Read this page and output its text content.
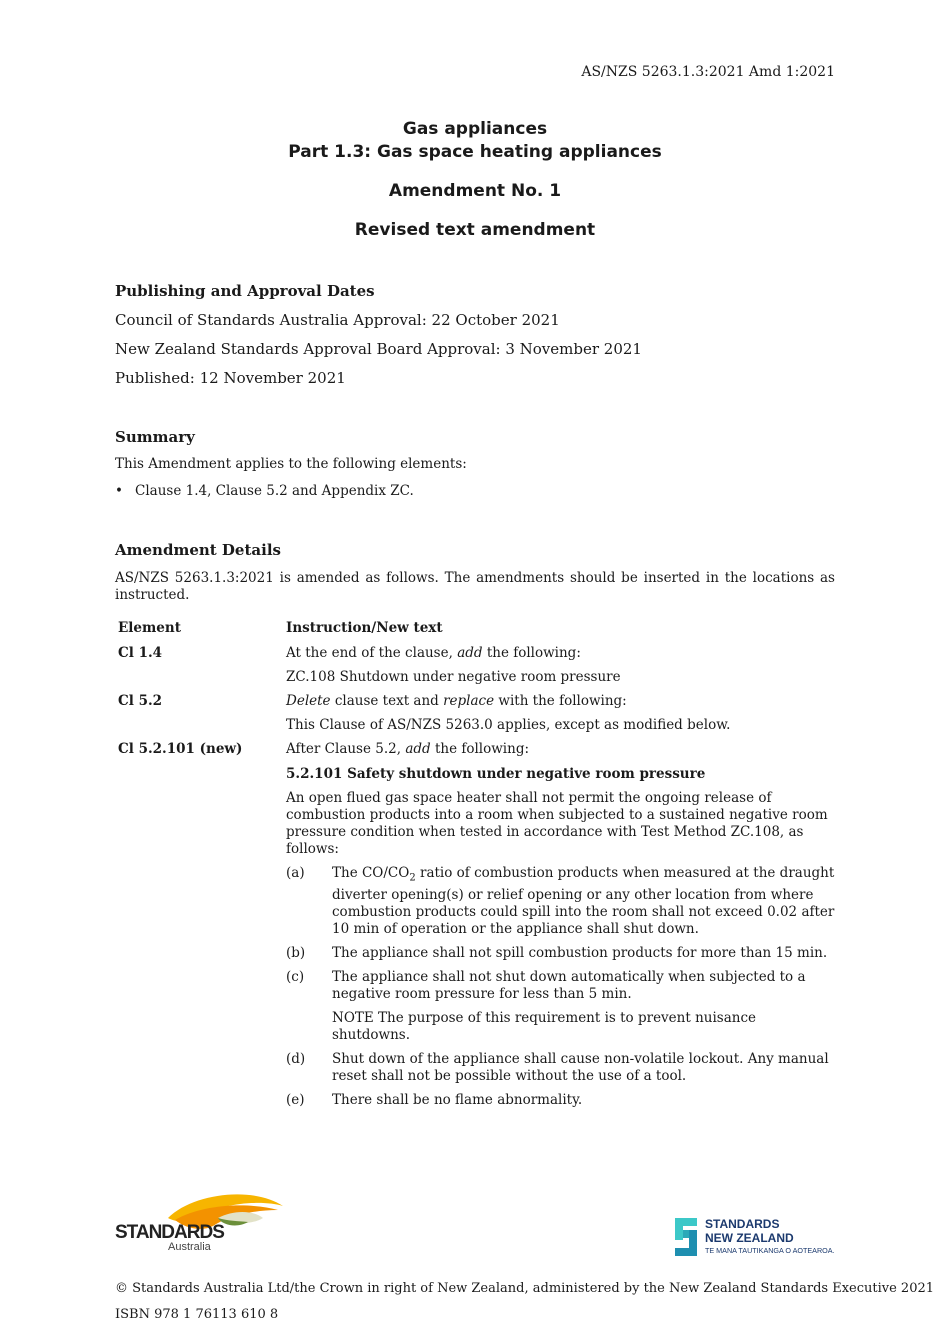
AS/NZS 5263.1.3:2021 Amd 1:2021
Gas appliances
Part 1.3: Gas space heating appliances
Amendment No. 1
Revised text amendment
Publishing and Approval Dates
Council of Standards Australia Approval: 22 October 2021
New Zealand Standards Approval Board Approval: 3 November 2021
Published: 12 November 2021
Summary
This Amendment applies to the following elements:
• Clause 1.4, Clause 5.2 and Appendix ZC.
Amendment Details
AS/NZS 5263.1.3:2021 is amended as follows. The amendments should be inserted in the locations as instructed.
Element	Instruction/New text
Cl 1.4	At the end of the clause, add the following:
ZC.108 Shutdown under negative room pressure
Cl 5.2	Delete clause text and replace with the following:
This Clause of AS/NZS 5263.0 applies, except as modified below.
Cl 5.2.101 (new)	After Clause 5.2, add the following:
5.2.101 Safety shutdown under negative room pressure
An open flued gas space heater shall not permit the ongoing release of combustion products into a room when subjected to a sustained negative room pressure condition when tested in accordance with Test Method ZC.108, as follows:
(a) The $CO/CO_2$ ratio of combustion products when measured at the draught diverter opening(s) or relief opening or any other location from where combustion products could spill into the room shall not exceed 0.02 after 10 min of operation or the appliance shall shut down.
(b) The appliance shall not spill combustion products for more than 15 min.
(c) The appliance shall not shut down automatically when subjected to a negative room pressure for less than 5 min.
NOTE The purpose of this requirement is to prevent nuisance shutdowns.
(d) Shut down of the appliance shall cause non-volatile lockout. Any manual reset shall not be possible without the use of a tool.
(e) There shall be no flame abnormality.
STANDARDS
Australia
STANDARDS
NEW ZEALAND
TE MANA TAUTIKANGA O AOTEAROA.
© Standards Australia Ltd/the Crown in right of New Zealand, administered by the New Zealand Standards Executive 2021
ISBN 978 1 76113 610 8
